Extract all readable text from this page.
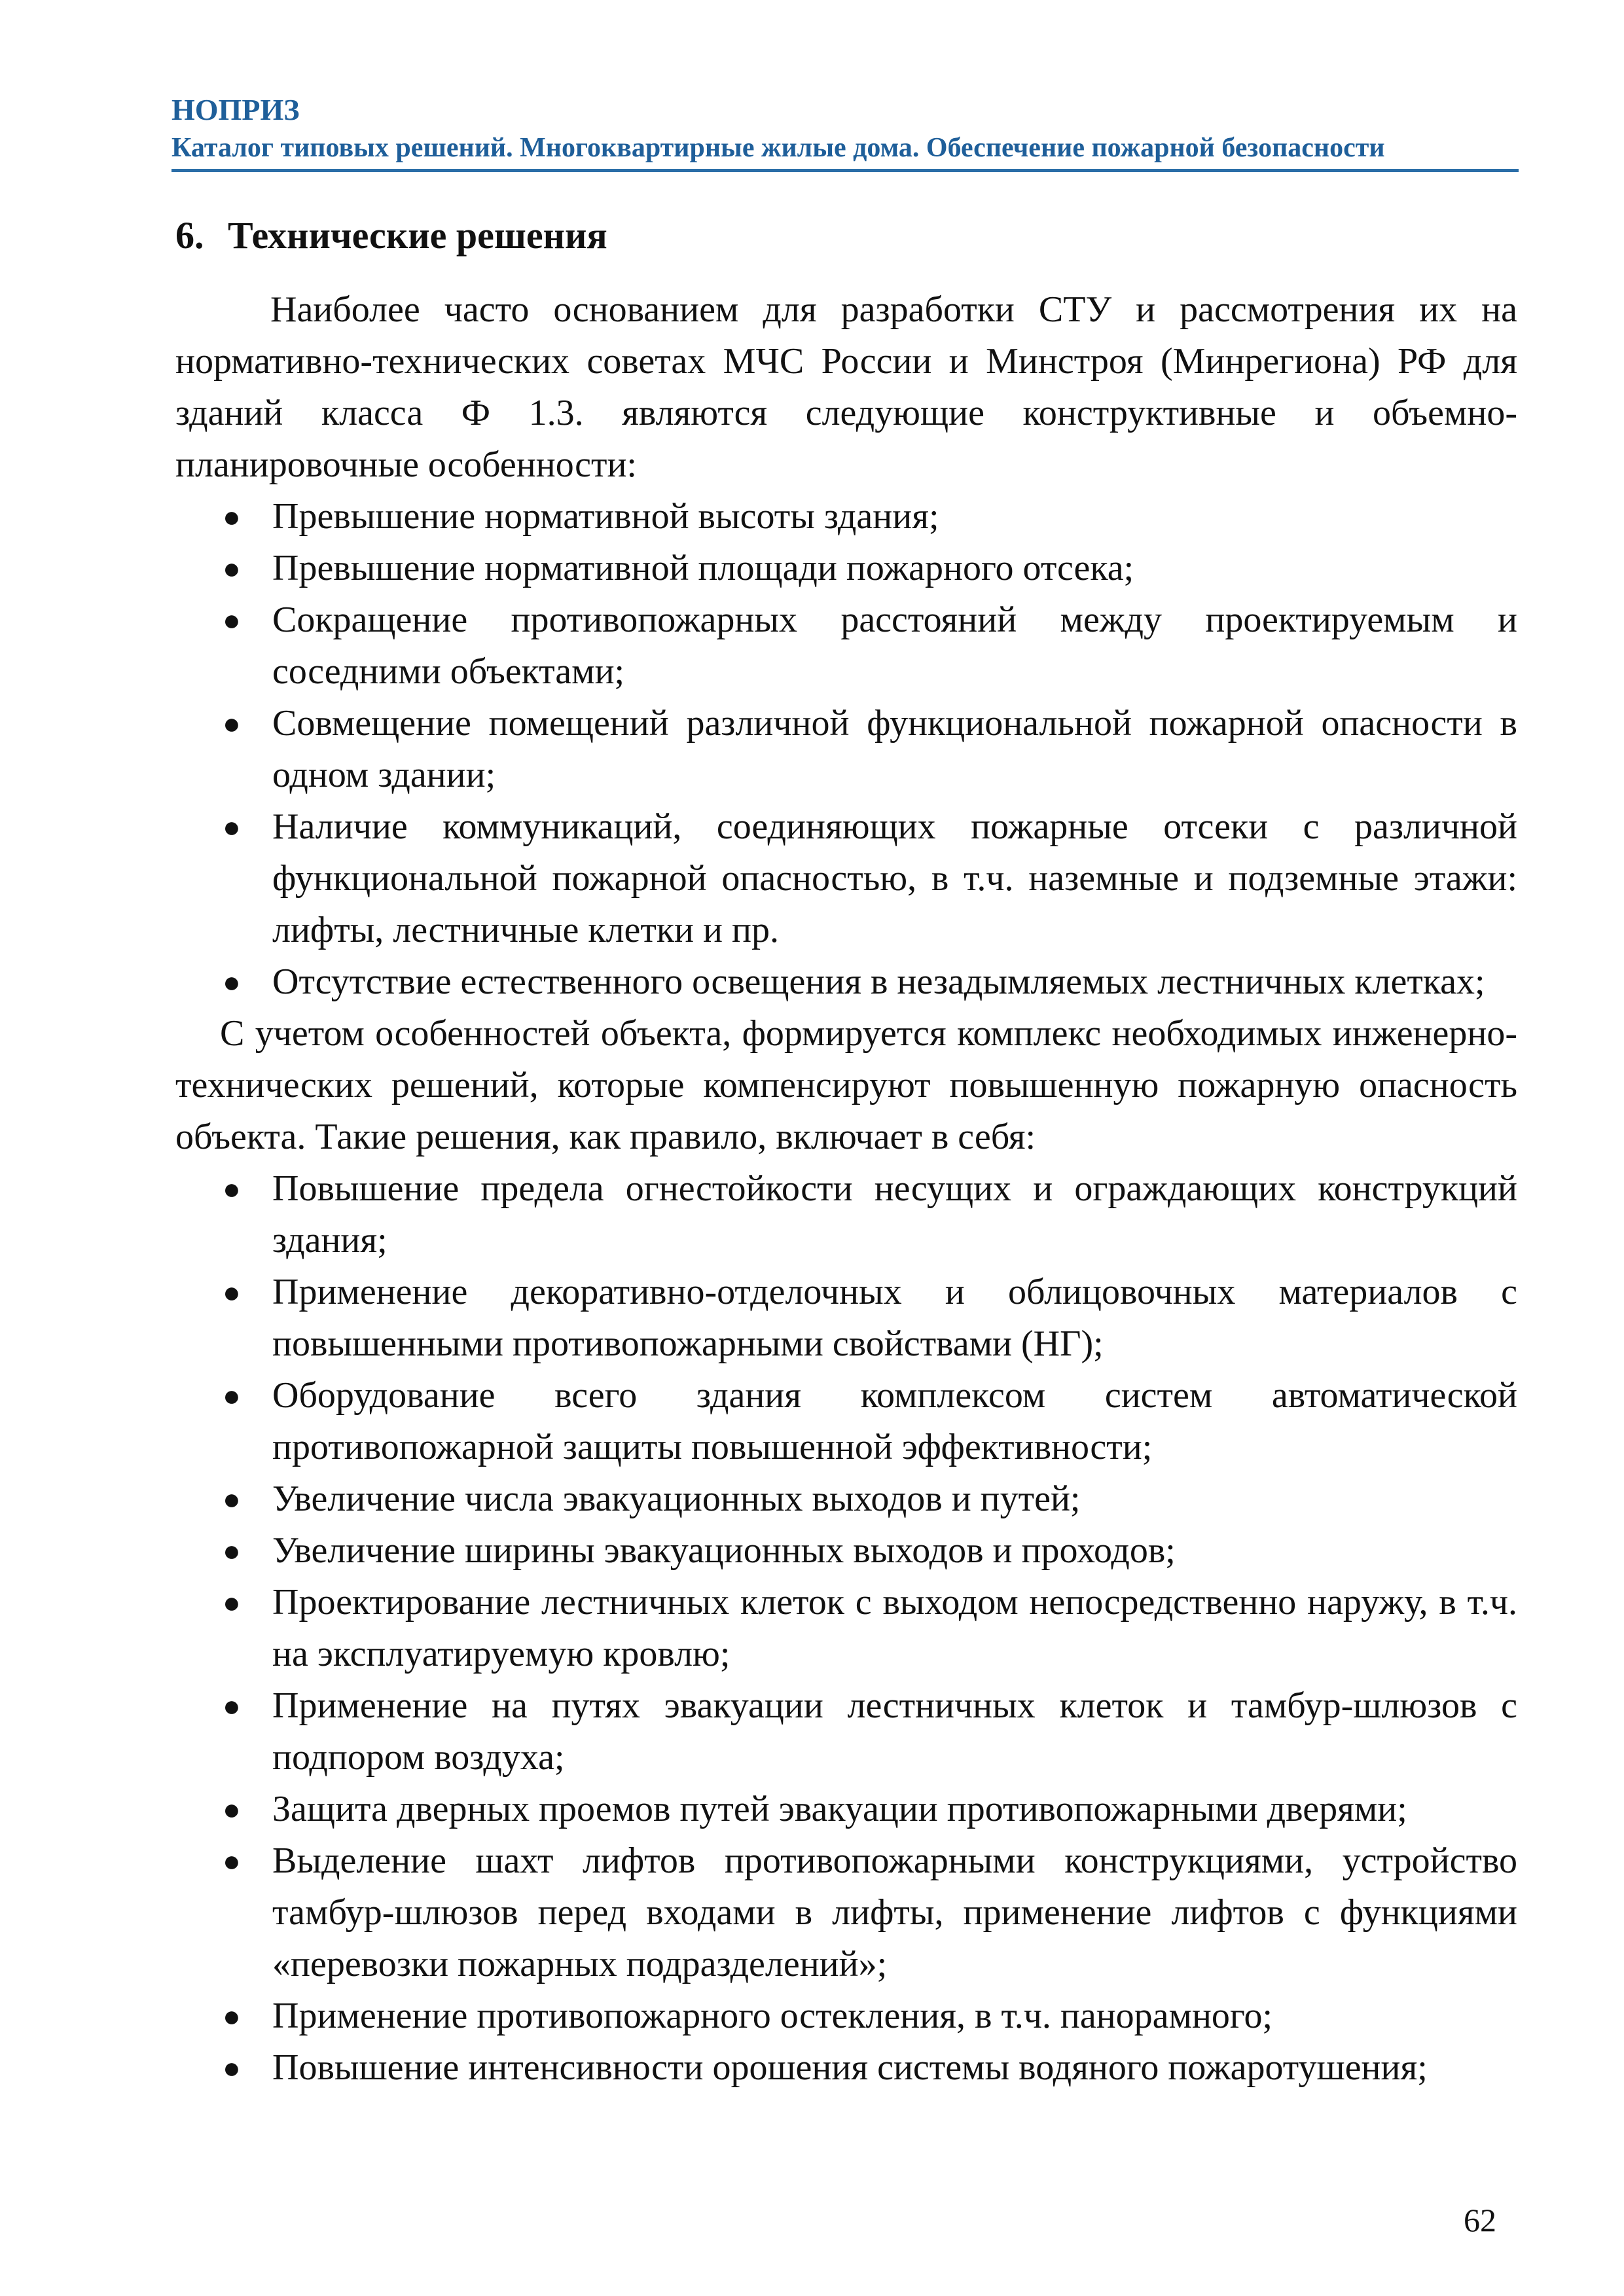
НОПРИЗ
Каталог типовых решений. Многоквартирные жилые дома. Обеспечение пожарной безопасности
6. Технические решения

Наиболее часто основанием для разработки СТУ и рассмотрения их на нормативно-технических советах МЧС России и Минстроя (Минрегиона) РФ для зданий класса Ф 1.3. являются следующие конструктивные и объемно-планировочные особенности:

● Превышение нормативной высоты здания;
● Превышение нормативной площади пожарного отсека;
● Сокращение противопожарных расстояний между проектируемым и соседними объектами;
● Совмещение помещений различной функциональной пожарной опасности в одном здании;
● Наличие коммуникаций, соединяющих пожарные отсеки с различной функциональной пожарной опасностью, в т.ч. наземные и подземные этажи: лифты, лестничные клетки и пр.
● Отсутствие естественного освещения в незадымляемых лестничных клетках;

С учетом особенностей объекта, формируется комплекс необходимых инженерно-технических решений, которые компенсируют повышенную пожарную опасность объекта. Такие решения, как правило, включает в себя:

● Повышение предела огнестойкости несущих и ограждающих конструкций здания;
● Применение декоративно-отделочных и облицовочных материалов с повышенными противопожарными свойствами (НГ);
● Оборудование всего здания комплексом систем автоматической противопожарной защиты повышенной эффективности;
● Увеличение числа эвакуационных выходов и путей;
● Увеличение ширины эвакуационных выходов и проходов;
● Проектирование лестничных клеток с выходом непосредственно наружу, в т.ч. на эксплуатируемую кровлю;
● Применение на путях эвакуации лестничных клеток и тамбур-шлюзов с подпором воздуха;
● Защита дверных проемов путей эвакуации противопожарными дверями;
● Выделение шахт лифтов противопожарными конструкциями, устройство тамбур-шлюзов перед входами в лифты, применение лифтов с функциями «перевозки пожарных подразделений»;
● Применение противопожарного остекления, в т.ч. панорамного;
● Повышение интенсивности орошения системы водяного пожаротушения;
62
